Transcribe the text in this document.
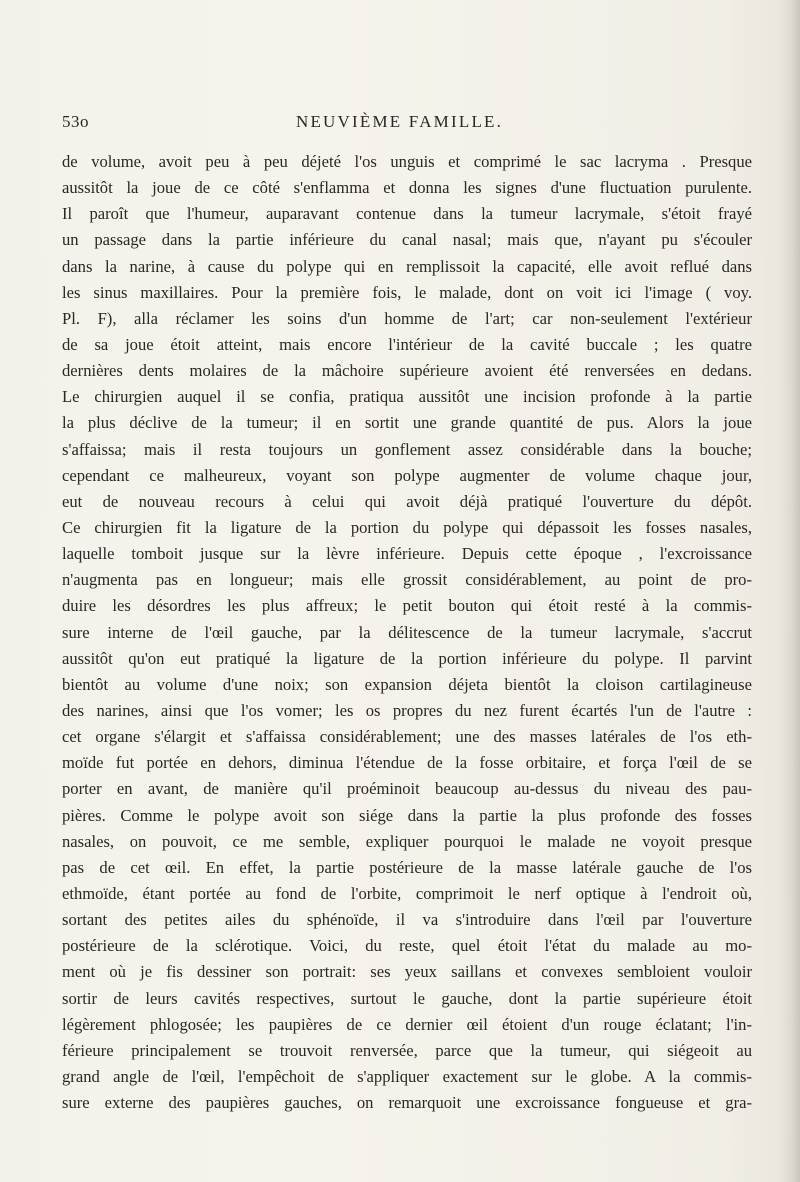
53o	NEUVIÈME FAMILLE.
de volume, avoit peu à peu déjeté l'os unguis et comprimé le sac lacryma . Presque
aussitôt la joue de ce côté s'enflamma et donna les signes d'une fluctuation purulente.
Il paroît que l'humeur, auparavant contenue dans la tumeur lacrymale, s'étoit frayé
un passage dans la partie inférieure du canal nasal; mais que, n'ayant pu s'écouler
dans la narine, à cause du polype qui en remplissoit la capacité, elle avoit reflué dans
les sinus maxillaires. Pour la première fois, le malade, dont on voit ici l'image ( voy.
Pl. F), alla réclamer les soins d'un homme de l'art; car non-seulement l'extérieur
de sa joue étoit atteint, mais encore l'intérieur de la cavité buccale ; les quatre
dernières dents molaires de la mâchoire supérieure avoient été renversées en dedans.
Le chirurgien auquel il se confia, pratiqua aussitôt une incision profonde à la partie
la plus déclive de la tumeur; il en sortit une grande quantité de pus. Alors la joue
s'affaissa; mais il resta toujours un gonflement assez considérable dans la bouche;
cependant ce malheureux, voyant son polype augmenter de volume chaque jour,
eut de nouveau recours à celui qui avoit déjà pratiqué l'ouverture du dépôt.
Ce chirurgien fit la ligature de la portion du polype qui dépassoit les fosses nasales,
laquelle tomboit jusque sur la lèvre inférieure. Depuis cette époque , l'excroissance
n'augmenta pas en longueur; mais elle grossit considérablement, au point de pro-
duire les désordres les plus affreux; le petit bouton qui étoit resté à la commis-
sure interne de l'œil gauche, par la délitescence de la tumeur lacrymale, s'accrut
aussitôt qu'on eut pratiqué la ligature de la portion inférieure du polype. Il parvint
bientôt au volume d'une noix; son expansion déjeta bientôt la cloison cartilagineuse
des narines, ainsi que l'os vomer; les os propres du nez furent écartés l'un de l'autre :
cet organe s'élargit et s'affaissa considérablement; une des masses latérales de l'os eth-
moïde fut portée en dehors, diminua l'étendue de la fosse orbitaire, et força l'œil de se
porter en avant, de manière qu'il proéminoit beaucoup au-dessus du niveau des pau-
pières. Comme le polype avoit son siége dans la partie la plus profonde des fosses
nasales, on pouvoit, ce me semble, expliquer pourquoi le malade ne voyoit presque
pas de cet œil. En effet, la partie postérieure de la masse latérale gauche de l'os
ethmoïde, étant portée au fond de l'orbite, comprimoit le nerf optique à l'endroit où,
sortant des petites ailes du sphénoïde, il va s'introduire dans l'œil par l'ouverture
postérieure de la sclérotique. Voici, du reste, quel étoit l'état du malade au mo-
ment où je fis dessiner son portrait: ses yeux saillans et convexes sembloient vouloir
sortir de leurs cavités respectives, surtout le gauche, dont la partie supérieure étoit
légèrement phlogosée; les paupières de ce dernier œil étoient d'un rouge éclatant; l'in-
férieure principalement se trouvoit renversée, parce que la tumeur, qui siégeoit au
grand angle de l'œil, l'empêchoit de s'appliquer exactement sur le globe. A la commis-
sure externe des paupières gauches, on remarquoit une excroissance fongueuse et gra-
